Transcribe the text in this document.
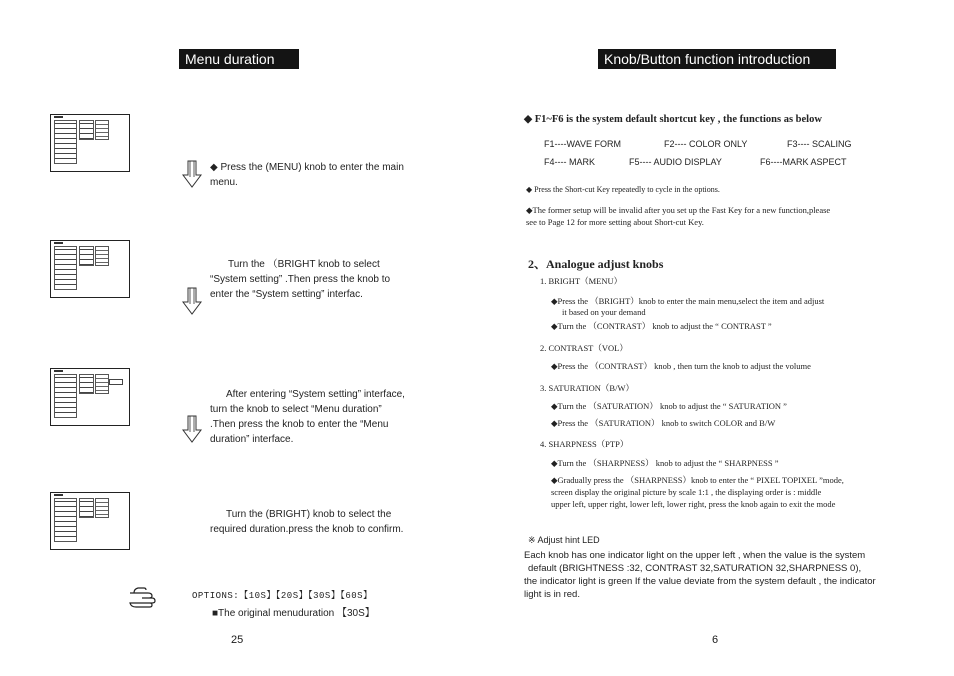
Menu duration
◆ Press the (MENU) knob to enter the main menu.
Turn the （BRIGHT knob to select “System setting” .Then press the knob to enter the “System setting” interfac.
After entering “System setting” interface, turn the knob to select “Menu duration” .Then press the knob to enter the “Menu duration” interface.
Turn the (BRIGHT) knob to select the required duration.press the knob to confirm.
OPTIONS:【10S】【20S】【30S】【60S】
■The original menuduration 【30S】
25
Knob/Button function introduction
◆ F1~F6 is the system default shortcut key , the functions as below
F1----WAVE FORM	F2---- COLOR ONLY	F3---- SCALING
F4---- MARK	F5---- AUDIO DISPLAY	F6----MARK ASPECT
◆ Press the Short-cut Key repeatedly to cycle in the options.
◆The former setup will be invalid after you set up the Fast Key for a new function,please
see to Page 12 for more setting about Short-cut Key.
2、Analogue adjust knobs
1. BRIGHT（MENU）
◆Press the （BRIGHT）knob to enter the main menu,select the item and adjust
it based on your demand
◆Turn the （CONTRAST） knob to adjust the “ CONTRAST ”
2. CONTRAST（VOL）
◆Press the （CONTRAST） knob , then turn the knob to adjust the volume
3. SATURATION（B/W）
◆Turn the （SATURATION） knob to adjust the “ SATURATION ”
◆Press the （SATURATION） knob to switch COLOR and B/W
4. SHARPNESS（PTP）
◆Turn the （SHARPNESS） knob to adjust the “ SHARPNESS ”
◆Gradually press the （SHARPNESS）knob to enter the “ PIXEL TOPIXEL ”mode,
screen display the original picture by scale 1:1 , the displaying order is : middle
upper left, upper right, lower left, lower right, press the knob again to exit the mode
※ Adjust hint LED
Each knob has one indicator light on the upper left , when the value is the system
default (BRIGHTNESS :32, CONTRAST 32,SATURATION 32,SHARPNESS 0),
the indicator light is green If the value deviate from the system default , the indicator
light is in red.
6
